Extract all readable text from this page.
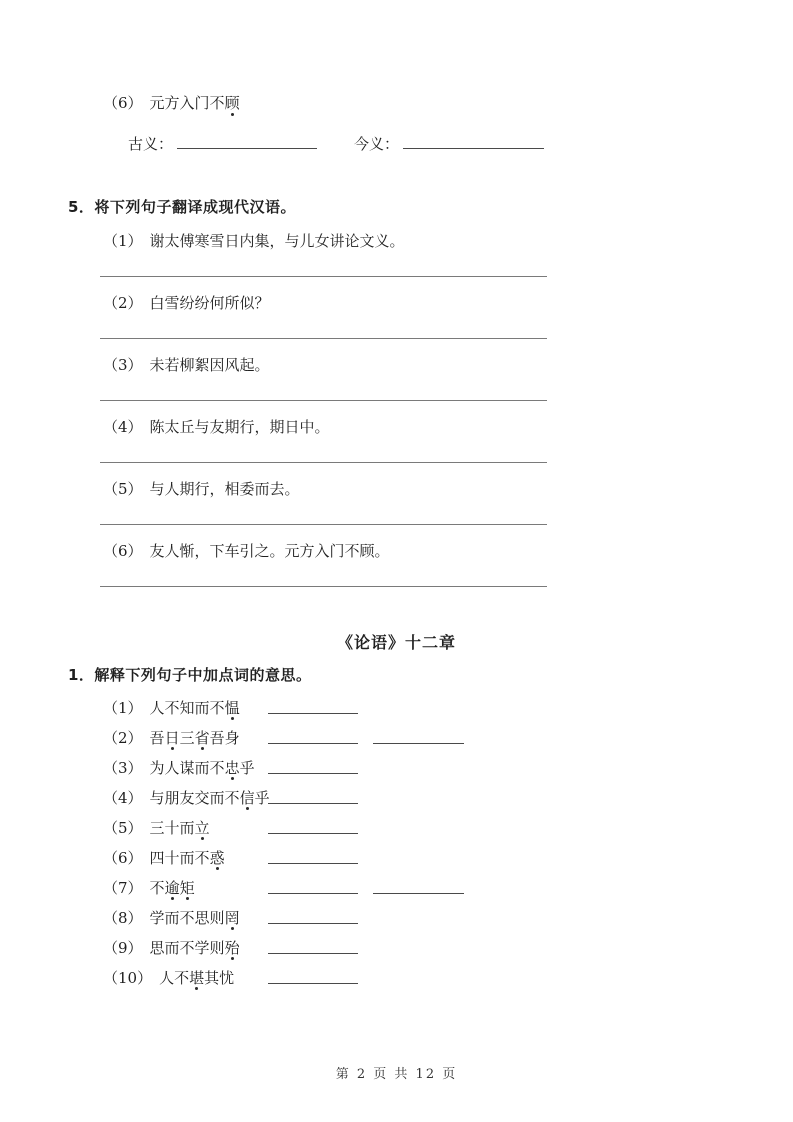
（6） 元方入门不顾
古义：	今义：
5．将下列句子翻译成现代汉语。
（1） 谢太傅寒雪日内集，与儿女讲论文义。
（2） 白雪纷纷何所似？
（3） 未若柳絮因风起。
（4） 陈太丘与友期行，期日中。
（5） 与人期行，相委而去。
（6） 友人惭，下车引之。元方入门不顾。
《论语》十二章
1．解释下列句子中加点词的意思。
（1） 人不知而不愠
（2） 吾日三省吾身
（3） 为人谋而不忠乎
（4） 与朋友交而不信乎
（5） 三十而立
（6） 四十而不惑
（7） 不逾矩
（8） 学而不思则罔
（9） 思而不学则殆
（10） 人不堪其忧
第 2 页 共 12 页
